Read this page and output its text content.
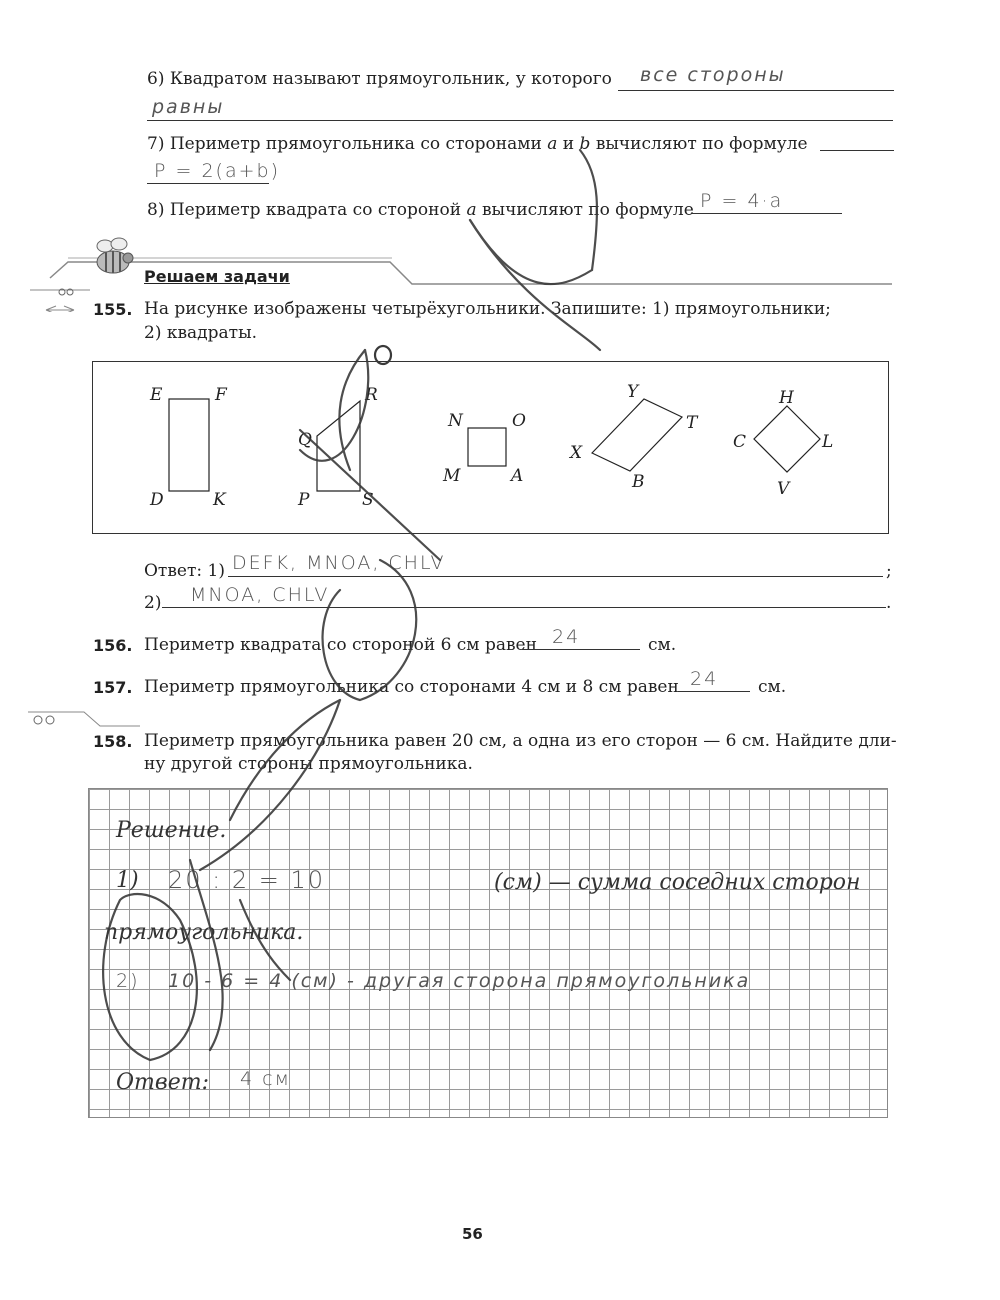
6) Квадратом называют прямоугольник, у которого все стороны
равны
7) Периметр прямоугольника со сторонами a и b вычисляют по формуле
P = 2(a+b)
8) Периметр квадрата со стороной a вычисляют по формуле P = 4·a
Решаем задачи
155. На рисунке изображены четырёхугольники. Запишите: 1) прямоугольники;
2) квадраты.
E	F
D	K
R
Q
P	S
N	O
M	A
Y
T
X
B
H
C	L
V
Ответ: 1) DEFK, MNOA, CHLV	;
2) MNOA, CHLV	.
156. Периметр квадрата со стороной 6 см равен 24	см.
157. Периметр прямоугольника со сторонами 4 см и 8 см равен 24 см.
158. Периметр прямоугольника равен 20 см, а одна из его сторон — 6 см. Найдите дли-
ну другой стороны прямоугольника.
Решение.
1) 20 : 2 = 10	(см) — сумма соседних сторон
прямоугольника.
2) 10 - 6 = 4 (см) - другая сторона прямоугольника
Ответ: 4 см
56
